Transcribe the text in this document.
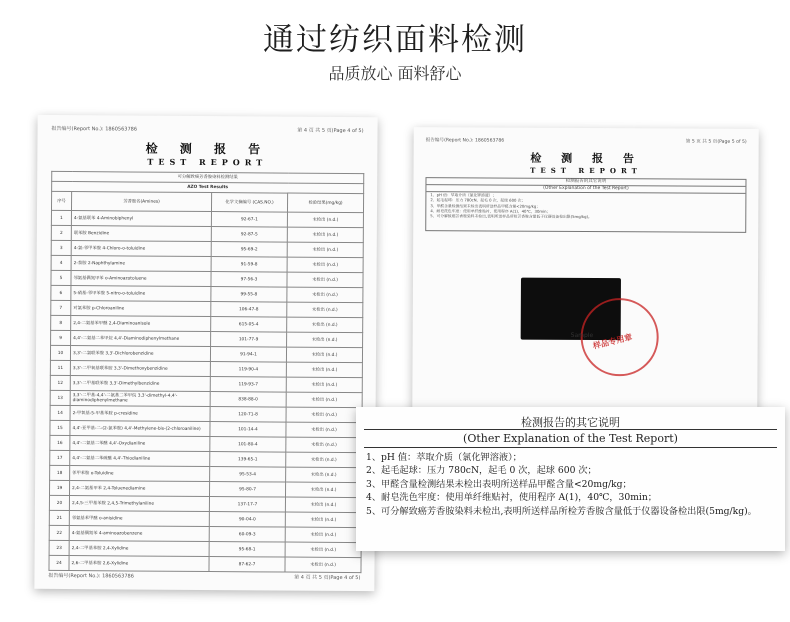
通过纺织面料检测
品质放心 面料舒心
报告编号(Report No.): 1860563786	第 4 页 共 5 页(Page 4 of 5)
检 测 报 告
TEST REPORT
可分解致癌芳香胺染料检测结果			
AZO Test Results			
序号	芳香胺名(Amines)	化学文摘编号 (CAS.NO.)	检验结果(mg/kg)
1	4-氨基联苯 4-Aminobiphenyl	92-67-1	未检出 (n.d.)
2	联苯胺 Benzidine	92-87-5	未检出 (n.d.)
3	4-氯-邻甲苯胺 4-Chloro-o-toluidine	95-69-2	未检出 (n.d.)
4	2-萘胺 2-Naphthylamine	91-59-8	未检出 (n.d.)
5	邻氨基偶氮甲苯 o-Aminoazotoluene	97-56-3	未检出 (n.d.)
6	5-硝基-邻甲苯胺 5-nitro-o-toluidine	99-55-8	未检出 (n.d.)
7	对氯苯胺 p-Chloroaniline	106-47-8	未检出 (n.d.)
8	2,4-二氨基苯甲醚 2,4-Diaminoanisole	615-05-4	未检出 (n.d.)
9	4,4'-二氨基二苯甲烷 4,4'-Diaminodiphenylmethane	101-77-9	未检出 (n.d.)
10	3,3'-二氯联苯胺 3,3'-Dichlorobenzidine	91-94-1	未检出 (n.d.)
11	3,3'-二甲氧基联苯胺 3,3'-Dimethoxybenzidine	119-90-4	未检出 (n.d.)
12	3,3'-二甲基联苯胺 3,3'-Dimethylbenzidine	119-93-7	未检出 (n.d.)
13	3,3'-二甲基-4,4'-二氨基二苯甲烷 3,3'-dimethyl-4,4'-diaminodiphenylmethane	838-88-0	未检出 (n.d.)
14	2-甲氧基-5-甲基苯胺 p-cresidine	120-71-8	未检出 (n.d.)
15	4,4'-亚甲基-二-(2-氯苯胺) 4,4'-Methylene-bis-(2-chloroaniline)	101-14-4	未检出 (n.d.)
16	4,4'-二氨基二苯醚 4,4'-Oxydianiline	101-80-4	未检出 (n.d.)
17	4,4'-二氨基二苯硫醚 4,4'-Thiodianiline	139-65-1	未检出 (n.d.)
18	邻甲苯胺 o-Toluidine	95-53-4	未检出 (n.d.)
19	2,4-二氨基甲苯 2,4-Toluenediamine	95-80-7	未检出 (n.d.)
20	2,4,5-三甲基苯胺 2,4,5-Trimethylaniline	137-17-7	未检出 (n.d.)
21	邻氨基苯甲醚 o-anisidine	90-04-0	未检出 (n.d.)
22	4-氨基偶氮苯 4-aminoazobenzene	60-09-3	未检出 (n.d.)
23	2,4-二甲基苯胺 2,4-Xylidine	95-68-1	未检出 (n.d.)
24	2,6-二甲基苯胺 2,6-Xylidine	87-62-7	未检出 (n.d.)
报告编号(Report No.): 1860563786	第 4 页 共 5 页(Page 4 of 5)
报告编号(Report No.): 1860563786	第 5 页 共 5 页(Page 5 of 5)
检 测 报 告
TEST REPORT
检测报告的其它说明
(Other Explanation of the Test Report)
1、pH 值：萃取介质（氯化钾溶液）；
2、起毛起球：压力 780cN，起毛 0 次，起球 600 次；
3、甲醛含量检测结果未检出表明所送样品甲醛含量<20mg/kg；
4、耐皂洗色牢度：使用单纤维贴衬，使用程序 A(1)，40℃，30min；
5、可分解致癌芳香胺染料未检出,表明所送样品所检芳香胺含量低于仪器设备检出限(5mg/kg)。
Sample
样品专用章
检测报告的其它说明
(Other Explanation of the Test Report)
1、pH 值：萃取介质（氯化钾溶液）；
2、起毛起球：压力 780cN，起毛 0 次，起球 600 次；
3、甲醛含量检测结果未检出表明所送样品甲醛含量<20mg/kg；
4、耐皂洗色牢度：使用单纤维贴衬，使用程序 A(1)，40℃，30min；
5、可分解致癌芳香胺染料未检出,表明所送样品所检芳香胺含量低于仪器设备检出限(5mg/kg)。
